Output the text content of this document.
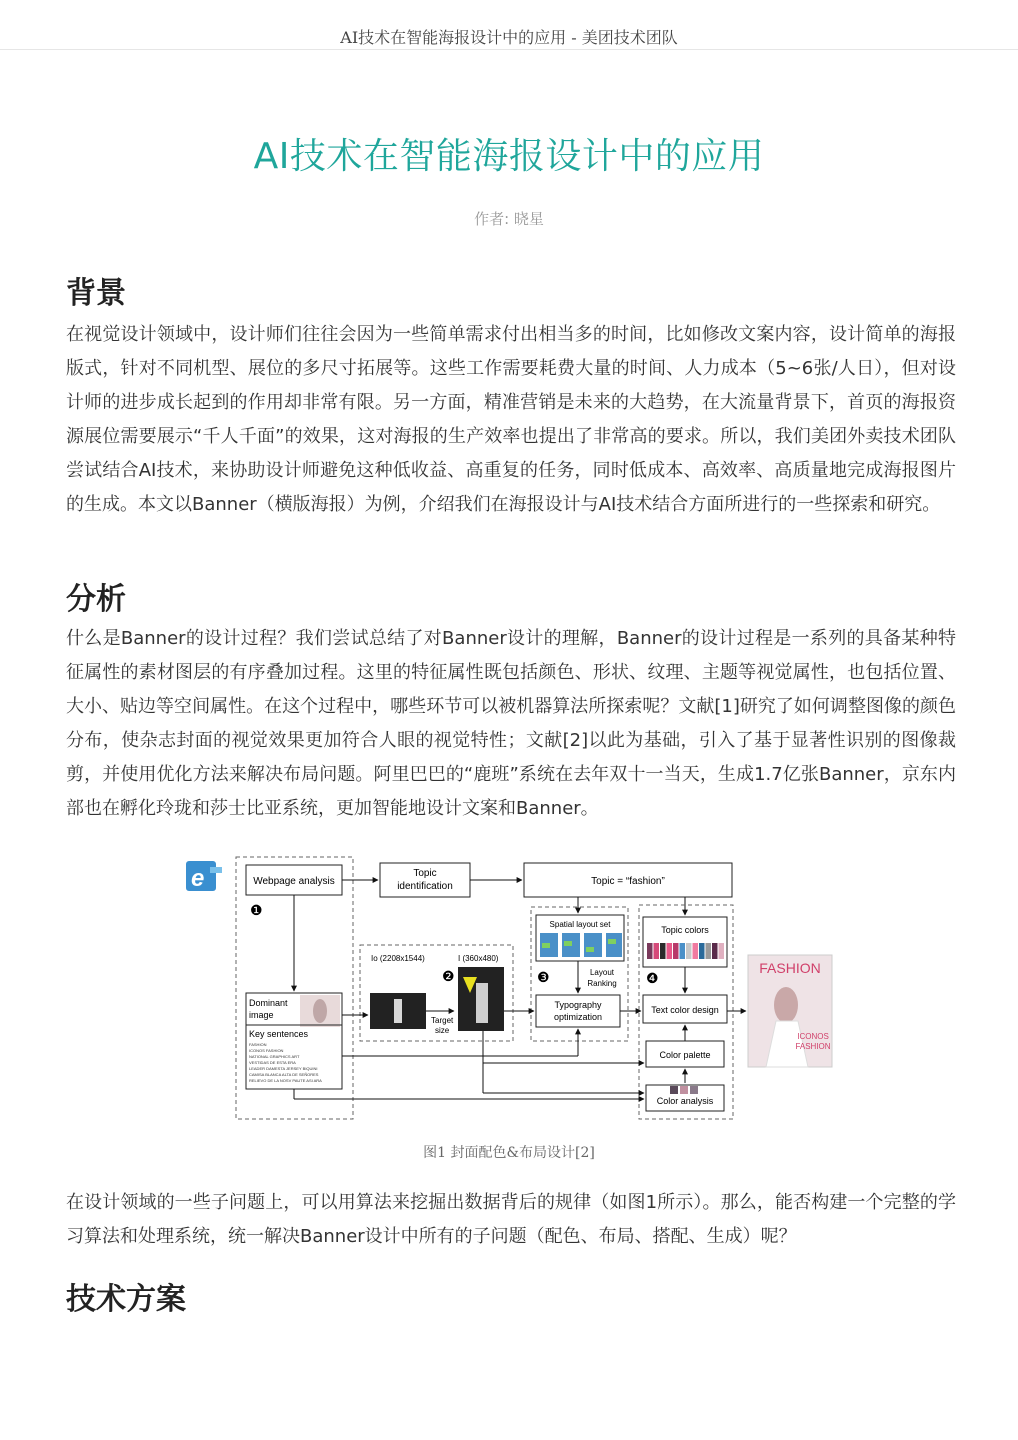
AI技术在智能海报设计中的应用 - 美团技术团队
AI技术在智能海报设计中的应用
作者: 晓星
背景

在视觉设计领域中，设计师们往往会因为一些简单需求付出相当多的时间，比如修改文案内容，设计简单的海报版式，针对不同机型、展位的多尺寸拓展等。这些工作需要耗费大量的时间、人力成本（5~6张/人日），但对设计师的进步成长起到的作用却非常有限。另一方面，精准营销是未来的大趋势，在大流量背景下，首页的海报资源展位需要展示“千人千面”的效果，这对海报的生产效率也提出了非常高的要求。所以，我们美团外卖技术团队尝试结合AI技术，来协助设计师避免这种低收益、高重复的任务，同时低成本、高效率、高质量地完成海报图片的生成。本文以Banner（横版海报）为例，介绍我们在海报设计与AI技术结合方面所进行的一些探索和研究。

分析

什么是Banner的设计过程？我们尝试总结了对Banner设计的理解，Banner的设计过程是一系列的具备某种特征属性的素材图层的有序叠加过程。这里的特征属性既包括颜色、形状、纹理、主题等视觉属性，也包括位置、大小、贴边等空间属性。在这个过程中，哪些环节可以被机器算法所探索呢？文献[1]研究了如何调整图像的颜色分布，使杂志封面的视觉效果更加符合人眼的视觉特性；文献[2]以此为基础，引入了基于显著性识别的图像裁剪，并使用优化方法来解决布局问题。阿里巴巴的“鹿班”系统在去年双十一当天，生成1.7亿张Banner，京东内部也在孵化玲珑和莎士比亚系统，更加智能地设计文案和Banner。

e	Webpage analysis
❶
Topic
identification	Topic = “fashion”
Dominant
image
Key sentences
FASHION
ICONOS FASHION
NATIONAL GRAPHICS ART
VESTIDAS DE ESTA ERA
LEADER DAMESTA JERSEY BIQUINI
CAMISA BLANCA ALTA DE SEÑORES
RELIEVO DE LA NOSV PAUTE ASI ARA
Io (2208x1544)
❷
Target
size
I (360x480)
Spatial layout set
❸	Layout
Ranking
Typography
optimization
Topic colors
❹
Text color design
Color palette
Color analysis
FASHION
ICONOS
FASHION
图1 封面配色&布局设计[2]

在设计领域的一些子问题上，可以用算法来挖掘出数据背后的规律（如图1所示）。那么，能否构建一个完整的学习算法和处理系统，统一解决Banner设计中所有的子问题（配色、布局、搭配、生成）呢？

技术方案
